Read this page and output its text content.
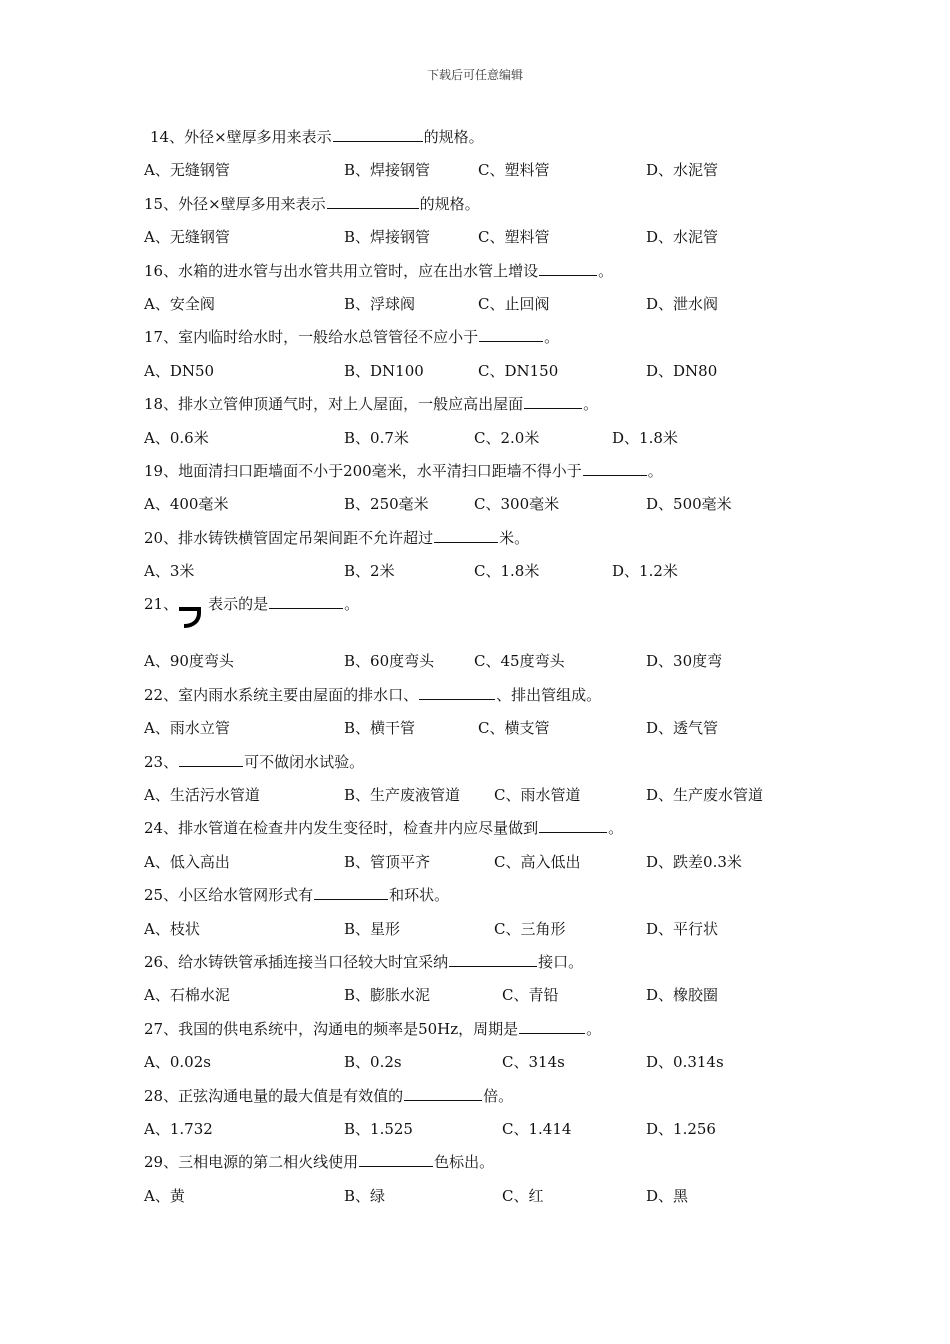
下载后可任意编辑
14、外径×壁厚多用来表示	的规格。
A、无缝钢管	B、焊接钢管	C、塑料管	D、水泥管
15、外径×壁厚多用来表示	的规格。
A、无缝钢管	B、焊接钢管	C、塑料管	D、水泥管
16、水箱的进水管与出水管共用立管时，应在出水管上增设	。
A、安全阀	B、浮球阀	C、止回阀	D、泄水阀
17、室内临时给水时，一般给水总管管径不应小于	。
A、DN50	B、DN100	C、DN150	D、DN80
18、排水立管伸顶通气时，对上人屋面，一般应高出屋面	。
A、0.6米	B、0.7米	C、2.0米	D、1.8米
19、地面清扫口距墙面不小于200毫米，水平清扫口距墙不得小于	。
A、400毫米	B、250毫米	C、300毫米	D、500毫米
20、排水铸铁横管固定吊架间距不允许超过	米。
A、3米	B、2米	C、1.8米	D、1.2米
21、 表示的是	。
A、90度弯头	B、60度弯头	C、45度弯头	D、30度弯
22、室内雨水系统主要由屋面的排水口、	、排出管组成。
A、雨水立管	B、横干管	C、横支管	D、透气管
23、	可不做闭水试验。
A、生活污水管道	B、生产废液管道 C、雨水管道	D、生产废水管道
24、排水管道在检查井内发生变径时，检查井内应尽量做到	。
A、低入高出	B、管顶平齐	C、高入低出	D、跌差0.3米
25、小区给水管网形式有	和环状。
A、枝状	B、星形	C、三角形	D、平行状
26、给水铸铁管承插连接当口径较大时宜采纳	接口。
A、石棉水泥	B、膨胀水泥	C、青铅	D、橡胶圈
27、我国的供电系统中，沟通电的频率是50Hz，周期是	。
A、0.02s	B、0.2s	C、314s	D、0.314s
28、正弦沟通电量的最大值是有效值的	倍。
A、1.732	B、1.525	C、1.414	D、1.256
29、三相电源的第二相火线使用	色标出。
A、黄	B、绿	C、红	D、黑
